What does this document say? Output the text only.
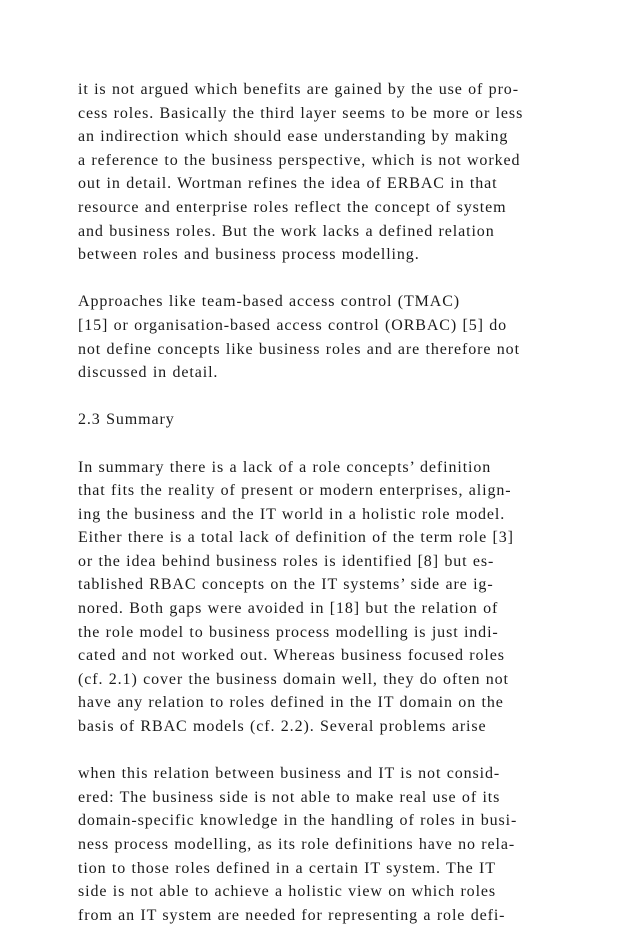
it is not argued which benefits are gained by the use of pro-
cess roles. Basically the third layer seems to be more or less
an indirection which should ease understanding by making
a reference to the business perspective, which is not worked
out in detail. Wortman refines the idea of ERBAC in that
resource and enterprise roles reflect the concept of system
and business roles. But the work lacks a defined relation
between roles and business process modelling.
Approaches like team-based access control (TMAC)
[15] or organisation-based access control (ORBAC) [5] do
not define concepts like business roles and are therefore not
discussed in detail.
2.3 Summary
In summary there is a lack of a role concepts’ definition
that fits the reality of present or modern enterprises, align-
ing the business and the IT world in a holistic role model.
Either there is a total lack of definition of the term role [3]
or the idea behind business roles is identified [8] but es-
tablished RBAC concepts on the IT systems’ side are ig-
nored. Both gaps were avoided in [18] but the relation of
the role model to business process modelling is just indi-
cated and not worked out. Whereas business focused roles
(cf. 2.1) cover the business domain well, they do often not
have any relation to roles defined in the IT domain on the
basis of RBAC models (cf. 2.2). Several problems arise
when this relation between business and IT is not consid-
ered: The business side is not able to make real use of its
domain-specific knowledge in the handling of roles in busi-
ness process modelling, as its role definitions have no rela-
tion to those roles defined in a certain IT system. The IT
side is not able to achieve a holistic view on which roles
from an IT system are needed for representing a role defi-
